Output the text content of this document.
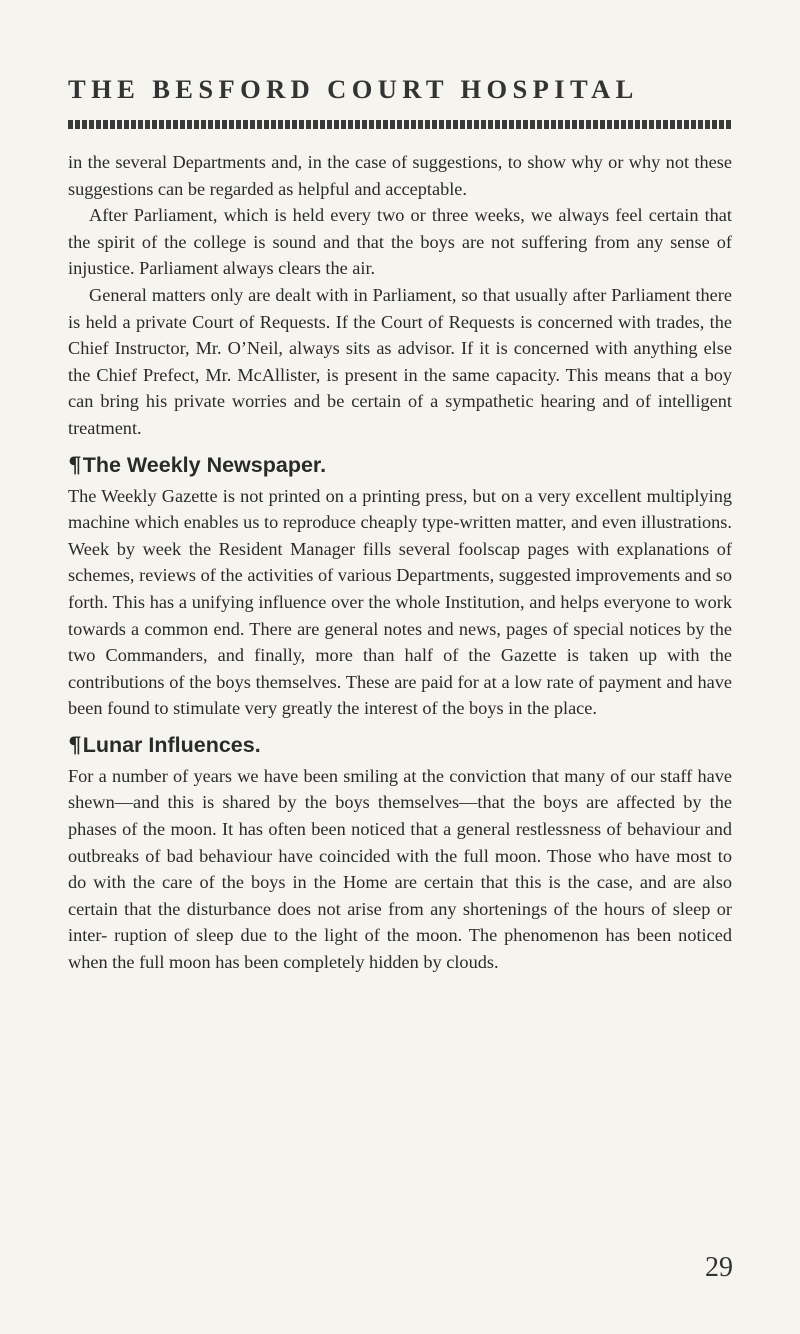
THE BESFORD COURT HOSPITAL

in the several Departments and, in the case of suggestions, to show why or why not these suggestions can be regarded as helpful and acceptable.

After Parliament, which is held every two or three weeks, we always feel certain that the spirit of the college is sound and that the boys are not suffering from any sense of injustice. Parliament always clears the air.

General matters only are dealt with in Parliament, so that usually after Parliament there is held a private Court of Requests. If the Court of Requests is concerned with trades, the Chief Instructor, Mr. O’Neil, always sits as advisor. If it is concerned with anything else the Chief Prefect, Mr. McAllister, is present in the same capacity. This means that a boy can bring his private worries and be certain of a sympathetic hearing and of intelligent treatment.

¶The Weekly Newspaper.

The Weekly Gazette is not printed on a printing press, but on a very excellent multiplying machine which enables us to reproduce cheaply type-written matter, and even illustrations. Week by week the Resident Manager fills several foolscap pages with explanations of schemes, reviews of the activities of various Departments, suggested improvements and so forth. This has a unifying influence over the whole Institution, and helps everyone to work towards a common end. There are general notes and news, pages of special notices by the two Commanders, and finally, more than half of the Gazette is taken up with the contributions of the boys themselves. These are paid for at a low rate of payment and have been found to stimulate very greatly the interest of the boys in the place.

¶Lunar Influences.

For a number of years we have been smiling at the conviction that many of our staff have shewn—and this is shared by the boys themselves—that the boys are affected by the phases of the moon. It has often been noticed that a general restlessness of behaviour and outbreaks of bad behaviour have coincided with the full moon. Those who have most to do with the care of the boys in the Home are certain that this is the case, and are also certain that the disturbance does not arise from any shortenings of the hours of sleep or inter- ruption of sleep due to the light of the moon. The phenomenon has been noticed when the full moon has been completely hidden by clouds.

29
